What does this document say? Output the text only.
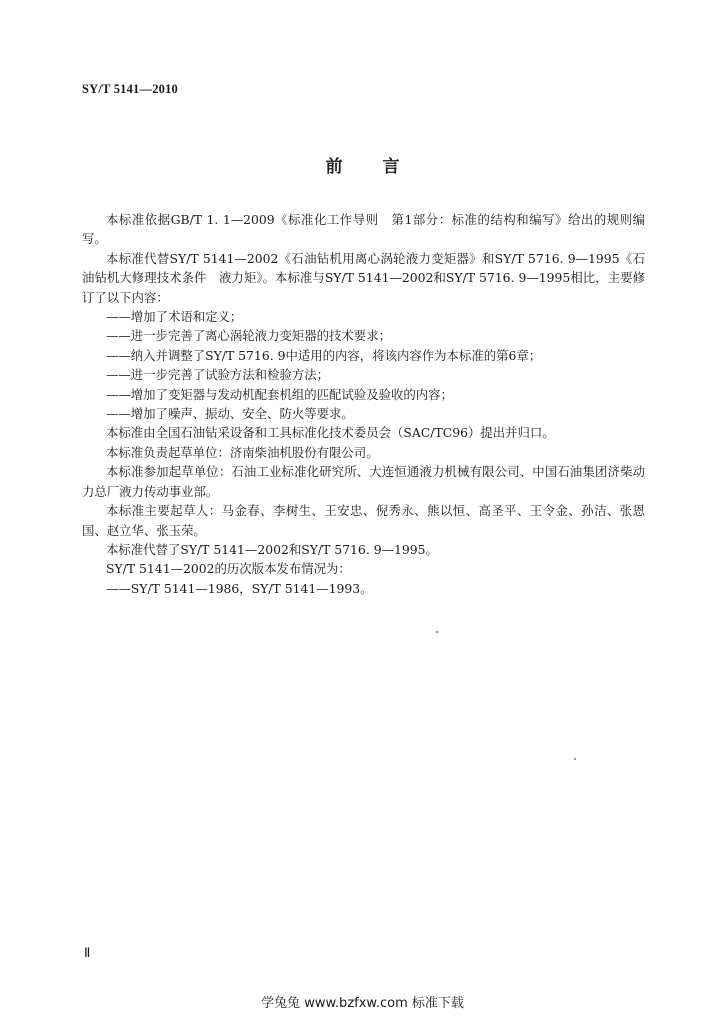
SY/T 5141—2010
前 言

本标准依据GB/T 1. 1—2009《标准化工作导则　第1部分：标准的结构和编写》给出的规则编写。

本标准代替SY/T 5141—2002《石油钻机用离心涡轮液力变矩器》和SY/T 5716. 9—1995《石油钻机大修理技术条件　液力矩》。本标准与SY/T 5141—2002和SY/T 5716. 9—1995相比，主要修订了以下内容：

——增加了术语和定义；

——进一步完善了离心涡轮液力变矩器的技术要求；

——纳入并调整了SY/T 5716. 9中适用的内容，将该内容作为本标准的第6章；

——进一步完善了试验方法和检验方法；

——增加了变矩器与发动机配套机组的匹配试验及验收的内容；

——增加了噪声、振动、安全、防火等要求。

本标准由全国石油钻采设备和工具标准化技术委员会（SAC/TC96）提出并归口。

本标准负责起草单位：济南柴油机股份有限公司。

本标准参加起草单位：石油工业标准化研究所、大连恒通液力机械有限公司、中国石油集团济柴动力总厂液力传动事业部。

本标准主要起草人：马金春、李树生、王安忠、倪秀永、熊以恒、高圣平、王令金、孙洁、张恩国、赵立华、张玉荣。

本标准代替了SY/T 5141—2002和SY/T 5716. 9—1995。

SY/T 5141—2002的历次版本发布情况为：

——SY/T 5141—1986，SY/T 5141—1993。

Ⅱ
学兔兔 www.bzfxw.com 标准下载
